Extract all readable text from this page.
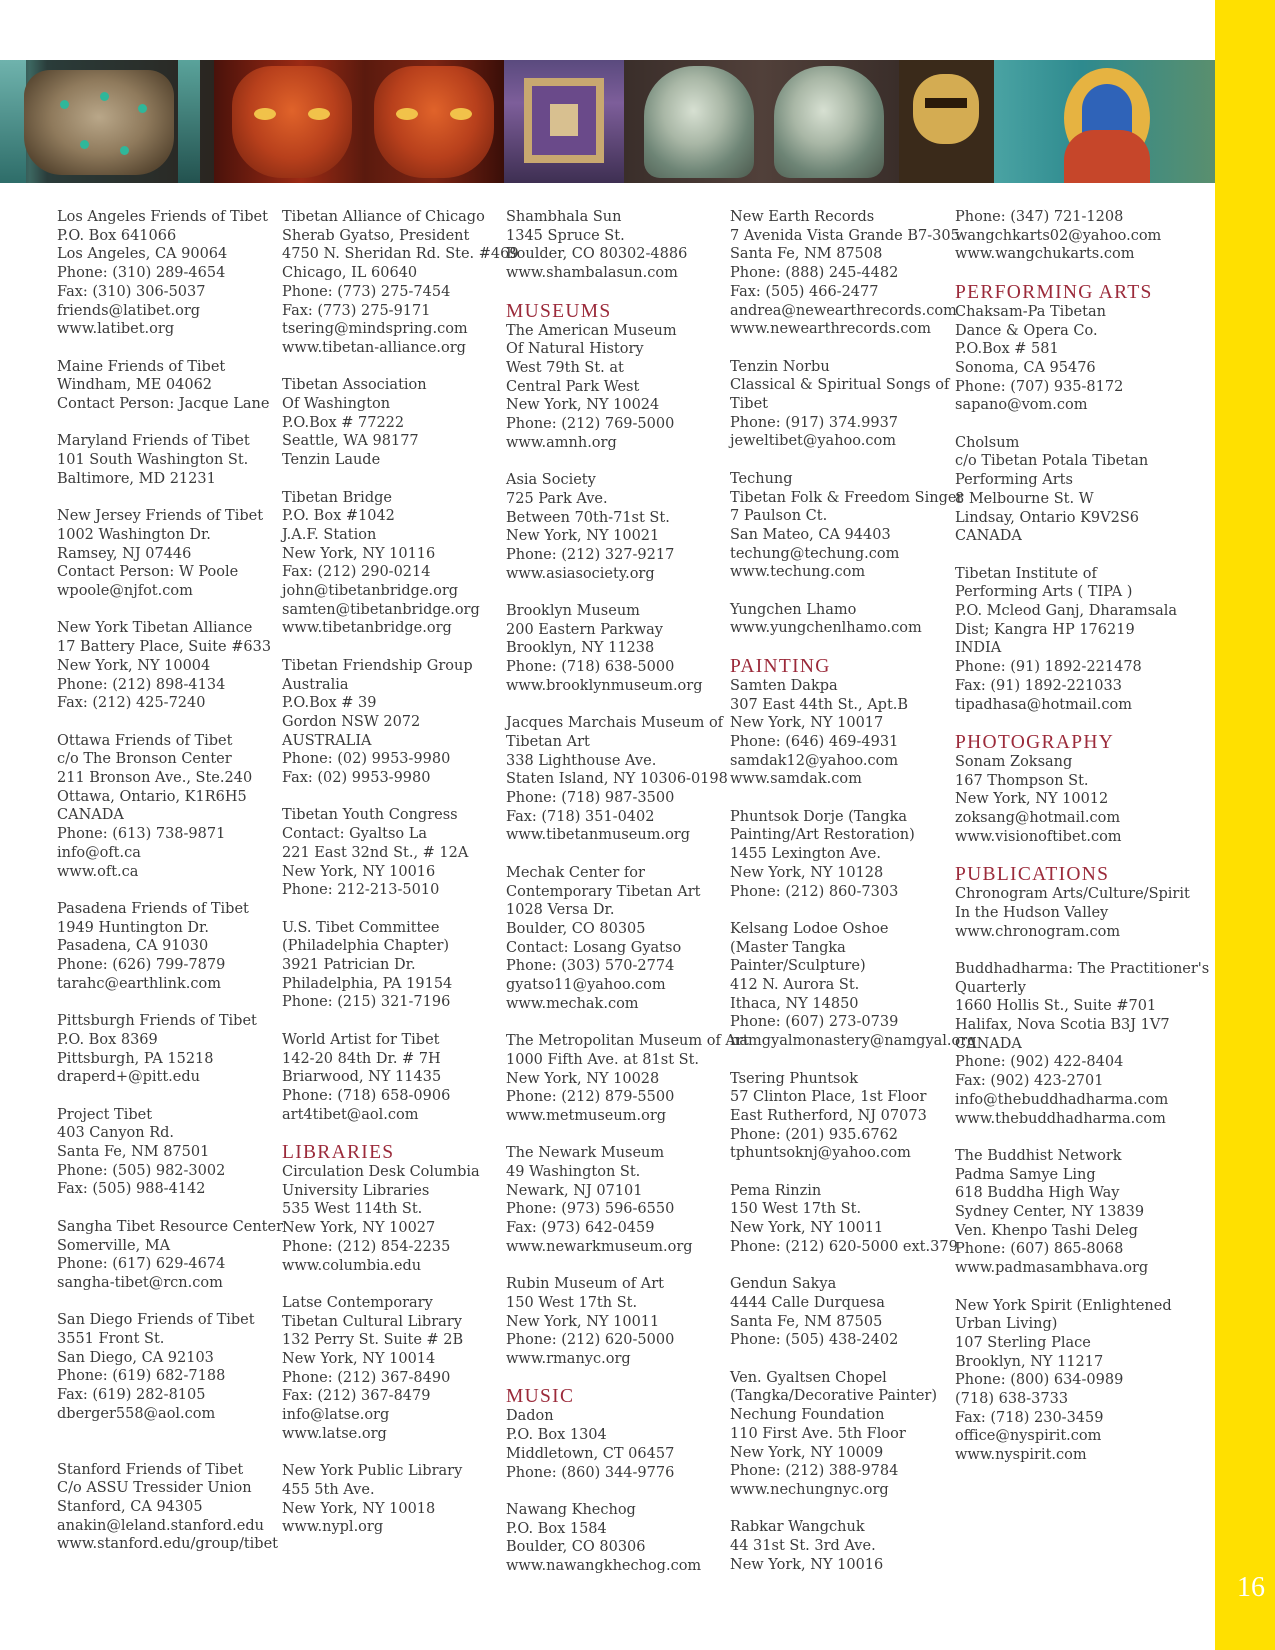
16
Los Angeles Friends of Tibet
P.O. Box 641066
Los Angeles, CA 90064
Phone: (310) 289-4654
Fax: (310) 306-5037
friends@latibet.org
www.latibet.org
Maine Friends of Tibet
Windham, ME 04062
Contact Person: Jacque Lane
Maryland Friends of Tibet
101 South Washington St.
Baltimore, MD 21231
New Jersey Friends of Tibet
1002 Washington Dr.
Ramsey, NJ 07446
Contact Person: W Poole
wpoole@njfot.com
New York Tibetan Alliance
17 Battery Place, Suite #633
New York, NY 10004
Phone: (212) 898-4134
Fax: (212) 425-7240
Ottawa Friends of Tibet
c/o The Bronson Center
211 Bronson Ave., Ste.240
Ottawa, Ontario, K1R6H5
CANADA
Phone: (613) 738-9871
info@oft.ca
www.oft.ca
Pasadena Friends of Tibet
1949 Huntington Dr.
Pasadena, CA 91030
Phone: (626) 799-7879
tarahc@earthlink.com
Pittsburgh Friends of Tibet
P.O. Box 8369
Pittsburgh, PA 15218
draperd+@pitt.edu
Project Tibet
403 Canyon Rd.
Santa Fe, NM 87501
Phone: (505) 982-3002
Fax: (505) 988-4142
Sangha Tibet Resource Center
Somerville, MA
Phone: (617) 629-4674
sangha-tibet@rcn.com
San Diego Friends of Tibet
3551 Front St.
San Diego, CA 92103
Phone: (619) 682-7188
Fax: (619) 282-8105
dberger558@aol.com
Stanford Friends of Tibet
C/o ASSU Tressider Union
Stanford, CA 94305
anakin@leland.stanford.edu
www.stanford.edu/group/tibet
Tibetan Alliance of Chicago
Sherab Gyatso, President
4750 N. Sheridan Rd. Ste. #469
Chicago, IL 60640
Phone: (773) 275-7454
Fax: (773) 275-9171
tsering@mindspring.com
www.tibetan-alliance.org
Tibetan Association
Of Washington
P.O.Box # 77222
Seattle, WA 98177
Tenzin Laude
Tibetan Bridge
P.O. Box #1042
J.A.F. Station
New York, NY 10116
Fax: (212) 290-0214
john@tibetanbridge.org
samten@tibetanbridge.org
www.tibetanbridge.org
Tibetan Friendship Group
Australia
P.O.Box # 39
Gordon NSW 2072
AUSTRALIA
Phone: (02) 9953-9980
Fax: (02) 9953-9980
Tibetan Youth Congress
Contact: Gyaltso La
221 East 32nd St., # 12A
New York, NY 10016
Phone: 212-213-5010
U.S. Tibet Committee
(Philadelphia Chapter)
3921 Patrician Dr.
Philadelphia, PA 19154
Phone: (215) 321-7196
World Artist for Tibet
142-20 84th Dr. # 7H
Briarwood, NY 11435
Phone: (718) 658-0906
art4tibet@aol.com
LIBRARIES
Circulation Desk Columbia
University Libraries
535 West 114th St.
New York, NY 10027
Phone: (212) 854-2235
www.columbia.edu
Latse Contemporary
Tibetan Cultural Library
132 Perry St. Suite # 2B
New York, NY 10014
Phone: (212) 367-8490
Fax: (212) 367-8479
info@latse.org
www.latse.org
New York Public Library
455 5th Ave.
New York, NY 10018
www.nypl.org
Shambhala Sun
1345 Spruce St.
Boulder, CO 80302-4886
www.shambalasun.com
MUSEUMS
The American Museum
Of Natural History
West 79th St. at
Central Park West
New York, NY 10024
Phone: (212) 769-5000
www.amnh.org
Asia Society
725 Park Ave.
Between 70th-71st St.
New York, NY 10021
Phone: (212) 327-9217
www.asiasociety.org
Brooklyn Museum
200 Eastern Parkway
Brooklyn, NY 11238
Phone: (718) 638-5000
www.brooklynmuseum.org
Jacques Marchais Museum of
Tibetan Art
338 Lighthouse Ave.
Staten Island, NY 10306-0198
Phone: (718) 987-3500
Fax: (718) 351-0402
www.tibetanmuseum.org
Mechak Center for
Contemporary Tibetan Art
1028 Versa Dr.
Boulder, CO 80305
Contact: Losang Gyatso
Phone: (303) 570-2774
gyatso11@yahoo.com
www.mechak.com
The Metropolitan Museum of Art
1000 Fifth Ave. at 81st St.
New York, NY 10028
Phone: (212) 879-5500
www.metmuseum.org
The Newark Museum
49 Washington St.
Newark, NJ 07101
Phone: (973) 596-6550
Fax: (973) 642-0459
www.newarkmuseum.org
Rubin Museum of Art
150 West 17th St.
New York, NY 10011
Phone: (212) 620-5000
www.rmanyc.org
MUSIC
Dadon
P.O. Box 1304
Middletown, CT 06457
Phone: (860) 344-9776
Nawang Khechog
P.O. Box 1584
Boulder, CO 80306
www.nawangkhechog.com
New Earth Records
7 Avenida Vista Grande B7-305
Santa Fe, NM 87508
Phone: (888) 245-4482
Fax: (505) 466-2477
andrea@newearthrecords.com
www.newearthrecords.com
Tenzin Norbu
Classical & Spiritual Songs of
Tibet
Phone: (917) 374.9937
jeweltibet@yahoo.com
Techung
Tibetan Folk & Freedom Singer
7 Paulson Ct.
San Mateo, CA 94403
techung@techung.com
www.techung.com
Yungchen Lhamo
www.yungchenlhamo.com
PAINTING
Samten Dakpa
307 East 44th St., Apt.B
New York, NY 10017
Phone: (646) 469-4931
samdak12@yahoo.com
www.samdak.com
Phuntsok Dorje (Tangka
Painting/Art Restoration)
1455 Lexington Ave.
New York, NY 10128
Phone: (212) 860-7303
Kelsang Lodoe Oshoe
(Master Tangka
Painter/Sculpture)
412 N. Aurora St.
Ithaca, NY 14850
Phone: (607) 273-0739
namgyalmonastery@namgyal.org
Tsering Phuntsok
57 Clinton Place, 1st Floor
East Rutherford, NJ 07073
Phone: (201) 935.6762
tphuntsoknj@yahoo.com
Pema Rinzin
150 West 17th St.
New York, NY 10011
Phone: (212) 620-5000 ext.379
Gendun Sakya
4444 Calle Durquesa
Santa Fe, NM 87505
Phone: (505) 438-2402
Ven. Gyaltsen Chopel
(Tangka/Decorative Painter)
Nechung Foundation
110 First Ave. 5th Floor
New York, NY 10009
Phone: (212) 388-9784
www.nechungnyc.org
Rabkar Wangchuk
44 31st St. 3rd Ave.
New York, NY 10016
Phone: (347) 721-1208
wangchkarts02@yahoo.com
www.wangchukarts.com
PERFORMING ARTS
Chaksam-Pa Tibetan
Dance & Opera Co.
P.O.Box # 581
Sonoma, CA 95476
Phone: (707) 935-8172
sapano@vom.com
Cholsum
c/o Tibetan Potala Tibetan
Performing Arts
8 Melbourne St. W
Lindsay, Ontario K9V2S6
CANADA
Tibetan Institute of
Performing Arts ( TIPA )
P.O. Mcleod Ganj, Dharamsala
Dist; Kangra HP 176219
INDIA
Phone: (91) 1892-221478
Fax: (91) 1892-221033
tipadhasa@hotmail.com
PHOTOGRAPHY
Sonam Zoksang
167 Thompson St.
New York, NY 10012
zoksang@hotmail.com
www.visionoftibet.com
PUBLICATIONS
Chronogram Arts/Culture/Spirit
In the Hudson Valley
www.chronogram.com
Buddhadharma: The Practitioner's
Quarterly
1660 Hollis St., Suite #701
Halifax, Nova Scotia B3J 1V7
CANADA
Phone: (902) 422-8404
Fax: (902) 423-2701
info@thebuddhadharma.com
www.thebuddhadharma.com
The Buddhist Network
Padma Samye Ling
618 Buddha High Way
Sydney Center, NY 13839
Ven. Khenpo Tashi Deleg
Phone: (607) 865-8068
www.padmasambhava.org
New York Spirit (Enlightened
Urban Living)
107 Sterling Place
Brooklyn, NY 11217
Phone: (800) 634-0989
(718) 638-3733
Fax: (718) 230-3459
office@nyspirit.com
www.nyspirit.com
